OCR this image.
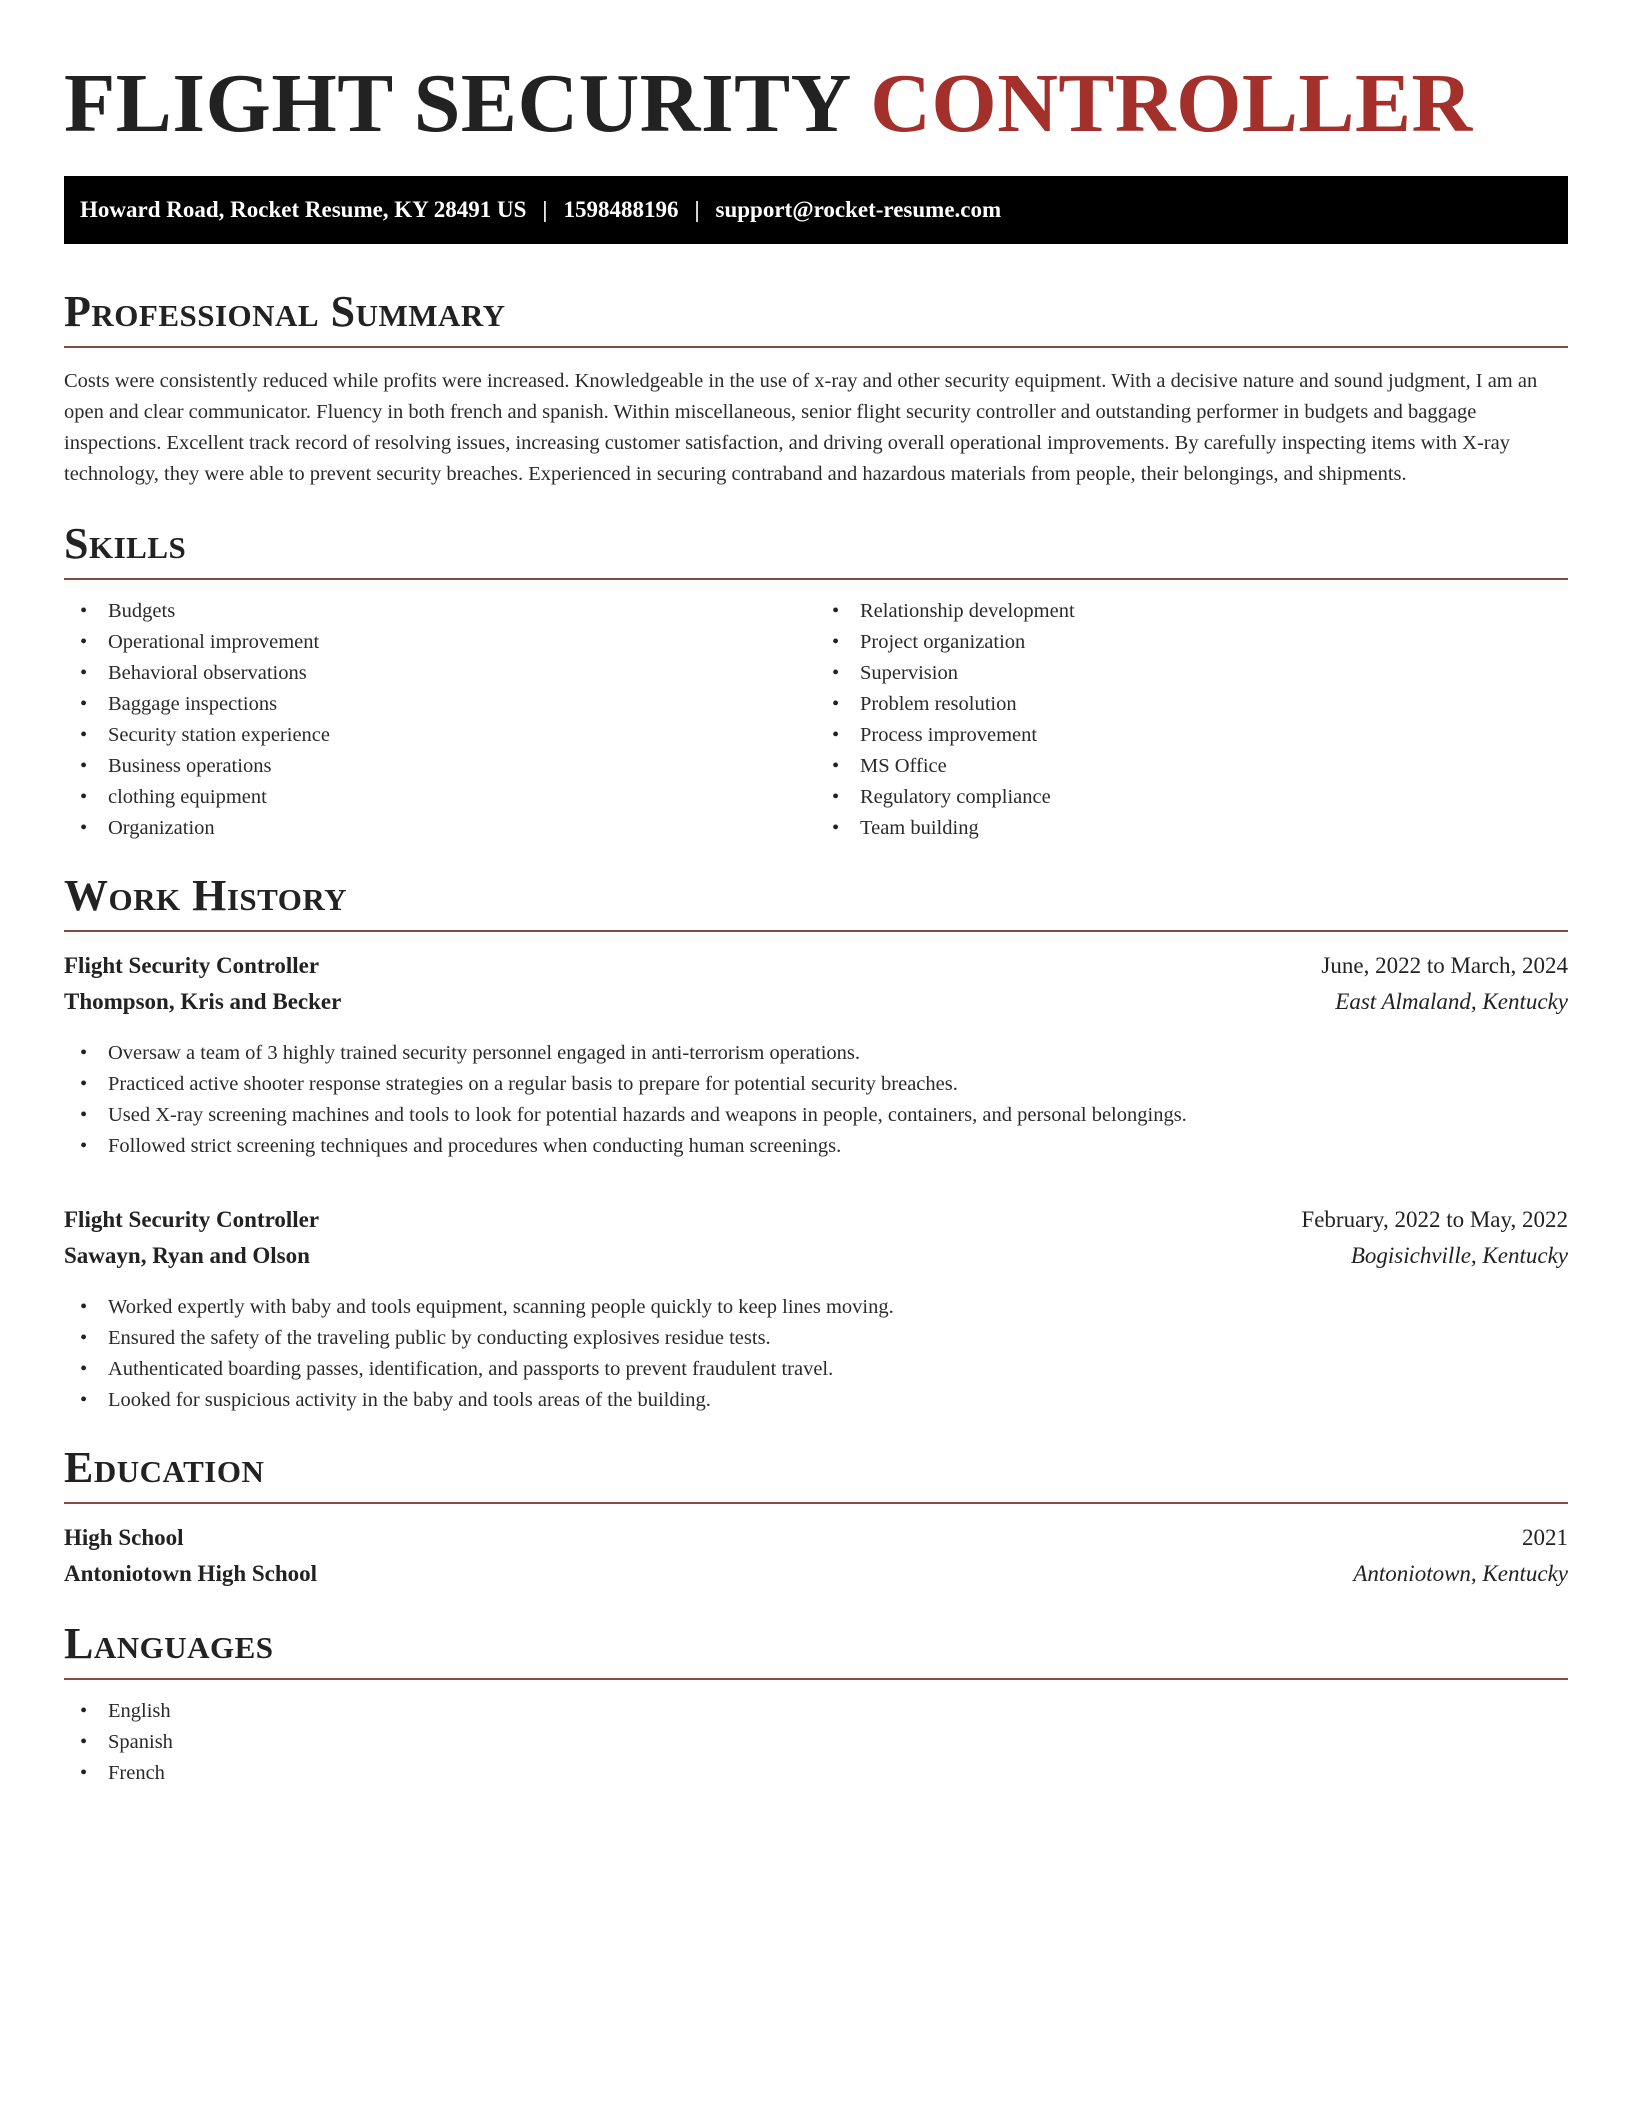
FLIGHT SECURITY CONTROLLER
Howard Road, Rocket Resume, KY 28491 US | 1598488196 | support@rocket-resume.com
Professional Summary

Costs were consistently reduced while profits were increased. Knowledgeable in the use of x-ray and other security equipment. With a decisive nature and sound judgment, I am an open and clear communicator. Fluency in both french and spanish. Within miscellaneous, senior flight security controller and outstanding performer in budgets and baggage inspections. Excellent track record of resolving issues, increasing customer satisfaction, and driving overall operational improvements. By carefully inspecting items with X-ray technology, they were able to prevent security breaches. Experienced in securing contraband and hazardous materials from people, their belongings, and shipments.

Skills
• Budgets
• Operational improvement
• Behavioral observations
• Baggage inspections
• Security station experience
• Business operations
• clothing equipment
• Organization
• Relationship development
• Project organization
• Supervision
• Problem resolution
• Process improvement
• MS Office
• Regulatory compliance
• Team building
Work History
Flight Security Controller	June, 2022 to March, 2024
Thompson, Kris and Becker	East Almaland, Kentucky
• Oversaw a team of 3 highly trained security personnel engaged in anti-terrorism operations.
• Practiced active shooter response strategies on a regular basis to prepare for potential security breaches.
• Used X-ray screening machines and tools to look for potential hazards and weapons in people, containers, and personal belongings.
• Followed strict screening techniques and procedures when conducting human screenings.
Flight Security Controller	February, 2022 to May, 2022
Sawayn, Ryan and Olson	Bogisichville, Kentucky
• Worked expertly with baby and tools equipment, scanning people quickly to keep lines moving.
• Ensured the safety of the traveling public by conducting explosives residue tests.
• Authenticated boarding passes, identification, and passports to prevent fraudulent travel.
• Looked for suspicious activity in the baby and tools areas of the building.
Education
High School	2021
Antoniotown High School	Antoniotown, Kentucky
Languages
• English
• Spanish
• French
